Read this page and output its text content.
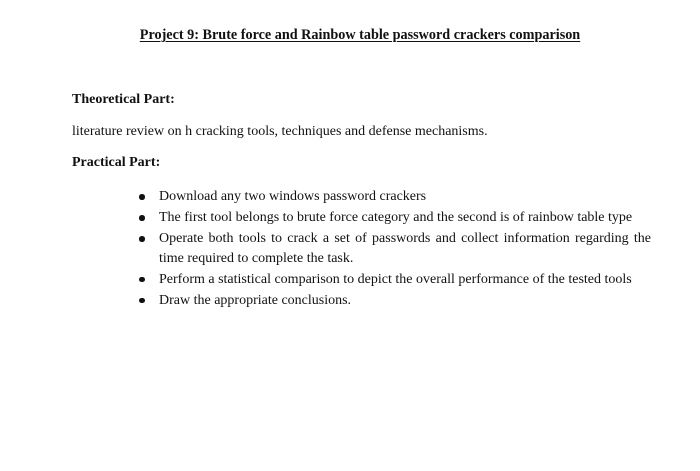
Project 9: Brute force and Rainbow table password crackers comparison
Theoretical Part:
literature review on h cracking tools, techniques and defense mechanisms.
Practical Part:
Download any two windows password crackers
The first tool belongs to brute force category and the second is of rainbow table type
Operate both tools to crack a set of passwords and collect information regarding the time required to complete the task.
Perform a statistical comparison to depict the overall performance of the tested tools
Draw the appropriate conclusions.
